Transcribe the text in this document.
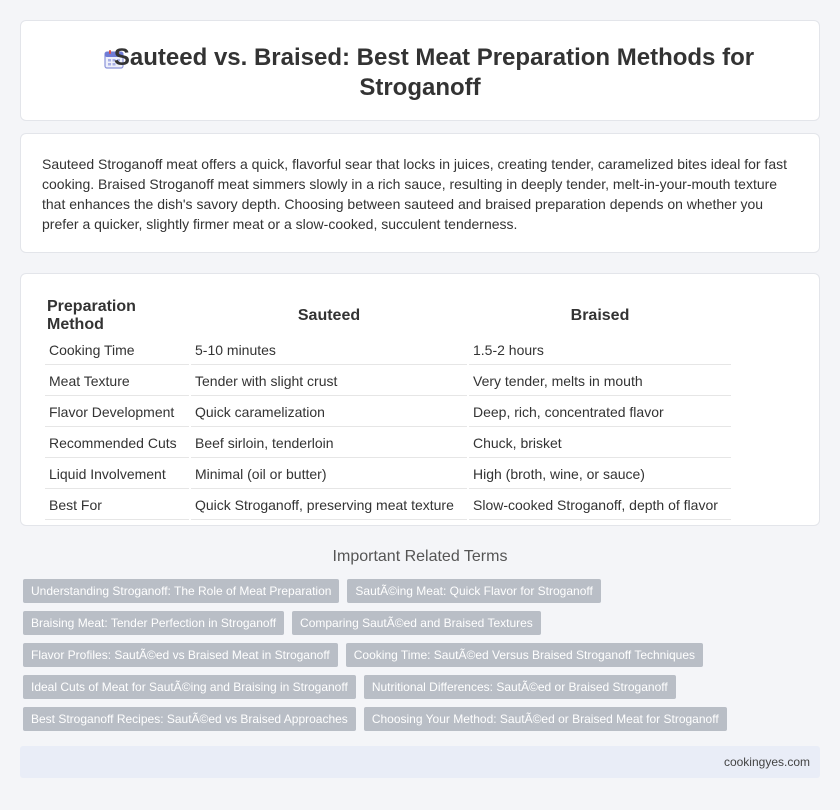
Sauteed vs. Braised: Best Meat Preparation Methods for
Stroganoff

Sauteed Stroganoff meat offers a quick, flavorful sear that locks in juices, creating tender, caramelized bites ideal for fast cooking. Braised Stroganoff meat simmers slowly in a rich sauce, resulting in deeply tender, melt-in-your-mouth texture that enhances the dish's savory depth. Choosing between sauteed and braised preparation depends on whether you prefer a quicker, slightly firmer meat or a slow-cooked, succulent tenderness.

Preparation Method	Sauteed	Braised
Cooking Time	5-10 minutes	1.5-2 hours
Meat Texture	Tender with slight crust	Very tender, melts in mouth
Flavor Development	Quick caramelization	Deep, rich, concentrated flavor
Recommended Cuts	Beef sirloin, tenderloin	Chuck, brisket
Liquid Involvement	Minimal (oil or butter)	High (broth, wine, or sauce)
Best For	Quick Stroganoff, preserving meat texture	Slow-cooked Stroganoff, depth of flavor
Important Related Terms
Understanding Stroganoff: The Role of Meat Preparation	SautÃ©ing Meat: Quick Flavor for Stroganoff
Braising Meat: Tender Perfection in Stroganoff	Comparing SautÃ©ed and Braised Textures
Flavor Profiles: SautÃ©ed vs Braised Meat in Stroganoff	Cooking Time: SautÃ©ed Versus Braised Stroganoff Techniques
Ideal Cuts of Meat for SautÃ©ing and Braising in Stroganoff	Nutritional Differences: SautÃ©ed or Braised Stroganoff
Best Stroganoff Recipes: SautÃ©ed vs Braised Approaches	Choosing Your Method: SautÃ©ed or Braised Meat for Stroganoff
cookingyes.com
